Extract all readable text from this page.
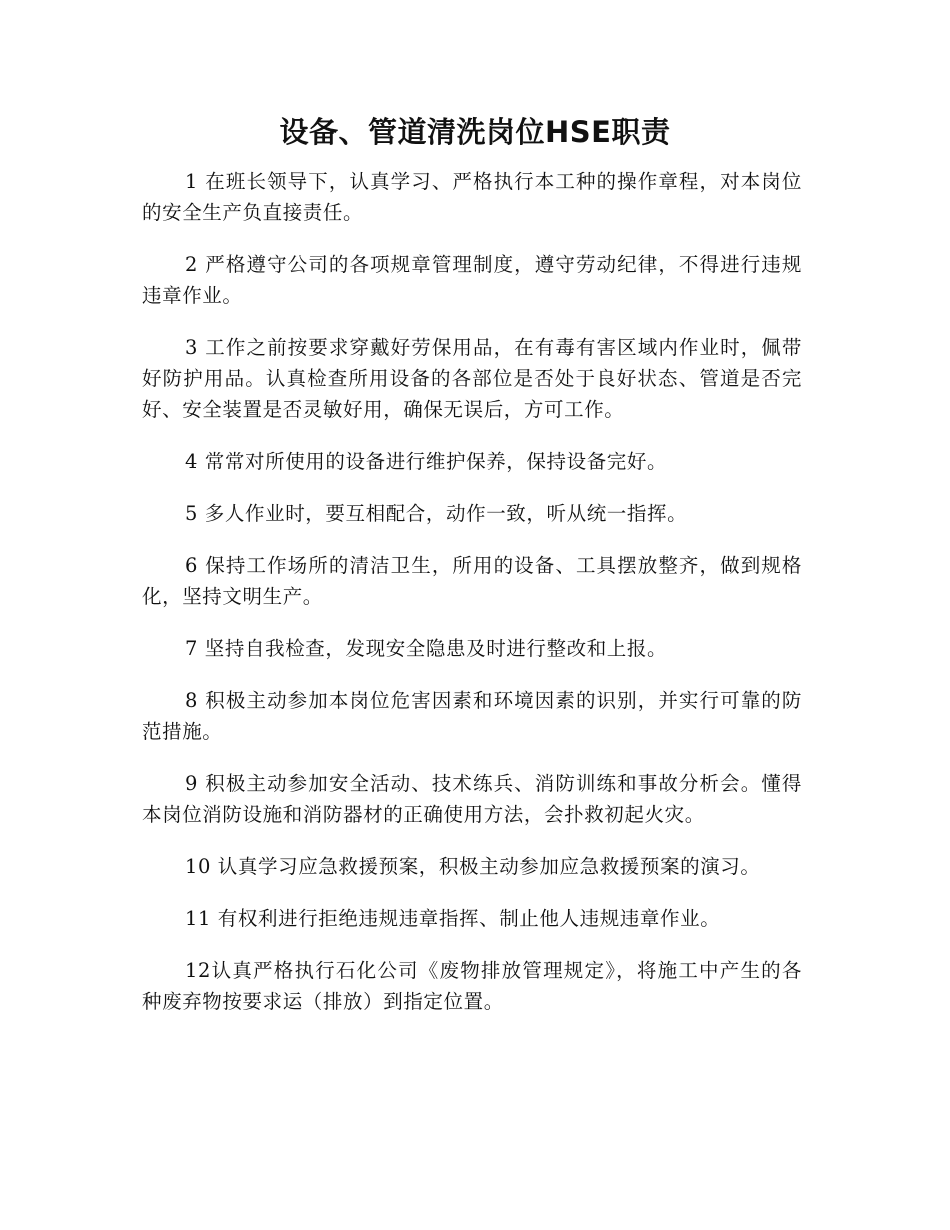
设备、管道清洗岗位HSE职责

1 在班长领导下，认真学习、严格执行本工种的操作章程，对本岗位的安全生产负直接责任。

2 严格遵守公司的各项规章管理制度，遵守劳动纪律，不得进行违规违章作业。

3 工作之前按要求穿戴好劳保用品，在有毒有害区域内作业时，佩带好防护用品。认真检查所用设备的各部位是否处于良好状态、管道是否完好、安全装置是否灵敏好用，确保无误后，方可工作。

4 常常对所使用的设备进行维护保养，保持设备完好。

5 多人作业时，要互相配合，动作一致，听从统一指挥。

6 保持工作场所的清洁卫生，所用的设备、工具摆放整齐，做到规格化，坚持文明生产。

7 坚持自我检查，发现安全隐患及时进行整改和上报。

8 积极主动参加本岗位危害因素和环境因素的识别，并实行可靠的防范措施。

9 积极主动参加安全活动、技术练兵、消防训练和事故分析会。懂得本岗位消防设施和消防器材的正确使用方法，会扑救初起火灾。

10 认真学习应急救援预案，积极主动参加应急救援预案的演习。

11 有权利进行拒绝违规违章指挥、制止他人违规违章作业。

12认真严格执行石化公司《废物排放管理规定》，将施工中产生的各种废弃物按要求运（排放）到指定位置。
